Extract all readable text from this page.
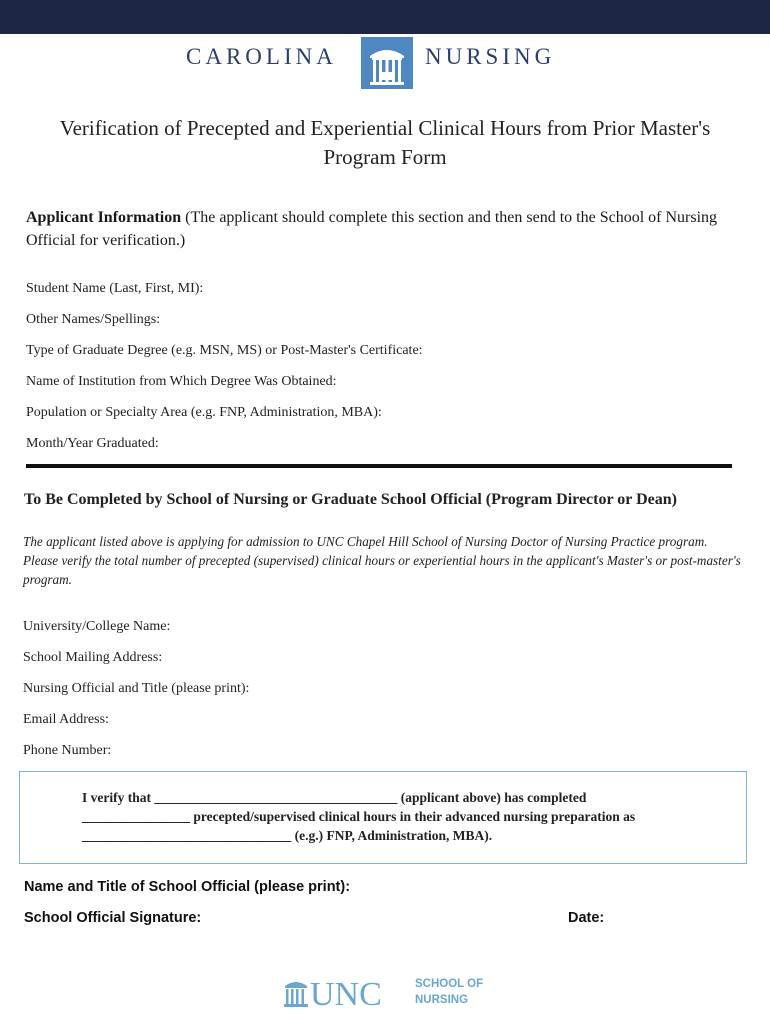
CAROLINA	NURSING
Verification of Precepted and Experiential Clinical Hours from Prior Master's
Program Form
Applicant Information (The applicant should complete this section and then send to the School of Nursing Official for verification.)
Student Name (Last, First, MI):
Other Names/Spellings:
Type of Graduate Degree (e.g. MSN, MS) or Post-Master's Certificate:
Name of Institution from Which Degree Was Obtained:
Population or Specialty Area (e.g. FNP, Administration, MBA):
Month/Year Graduated:
To Be Completed by School of Nursing or Graduate School Official (Program Director or Dean)
The applicant listed above is applying for admission to UNC Chapel Hill School of Nursing Doctor of Nursing Practice program. Please verify the total number of precepted (supervised) clinical hours or experiential hours in the applicant's Master's or post-master's program.
University/College Name:
School Mailing Address:
Nursing Official and Title (please print):
Email Address:
Phone Number:
I verify that ____________________________________ (applicant above) has completed
________________ precepted/supervised clinical hours in their advanced nursing preparation as
_______________________________ (e.g.) FNP, Administration, MBA).
Name and Title of School Official (please print):
School Official Signature:	Date:
UNC	SCHOOL OF
NURSING
